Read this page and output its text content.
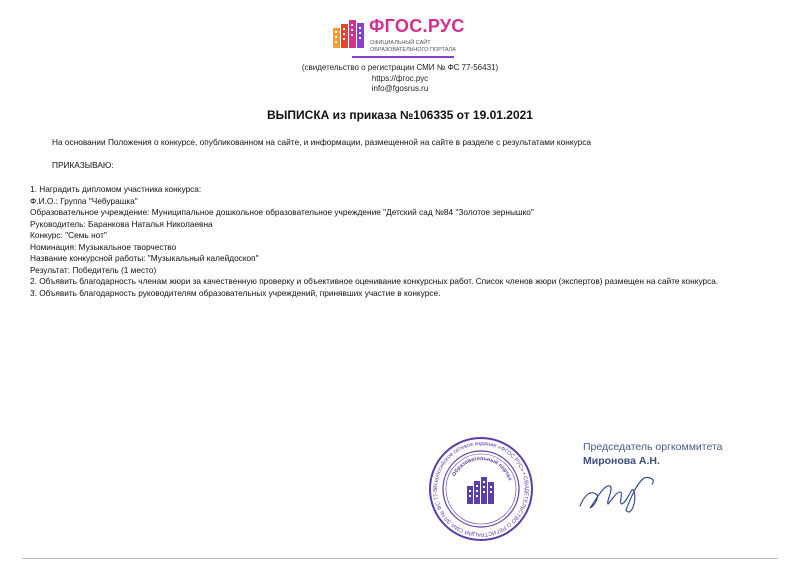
ФГОС.РУС
ОФИЦИАЛЬНЫЙ САЙТ
ОБРАЗОВАТЕЛЬНОГО ПОРТАЛА
(свидетельство о регистрации СМИ № ФС 77-56431)
https://фгос.рус
info@fgosrus.ru
ВЫПИСКА из приказа №106335 от 19.01.2021
На основании Положения о конкурсе, опубликованном на сайте, и информации, размещенной на сайте в разделе с результатами конкурса
ПРИКАЗЫВАЮ:
1. Наградить дипломом участника конкурса:
Ф.И.О.: Группа "Чебурашка"
Образовательное учреждение: Муниципальное дошкольное образовательное учреждение "Детский сад №84 "Золотое зернышко"
Руководитель: Баранкова Наталья Николаевна
Конкурс: "Семь нот"
Номинация: Музыкальное творчество
Название конкурсной работы: "Музыкальный калейдоскоп"
Результат: Победитель (1 место)
2. Объявить благодарность членам жюри за качественную проверку и объективное оценивание конкурсных работ. Список членов жюри (экспертов) размещен на сайте конкурса.
3. Объявить благодарность руководителям образовательных учреждений, принявших участие в конкурсе.
Всероссийское сетевое издание «ФГОС.РУС» • СВИДЕТЕЛЬСТВО О РЕГИСТРАЦИИ СМИ ЭЛ № ФС 77-5
Образовательный портал
Председатель оргкоммитета
Миронова А.Н.
